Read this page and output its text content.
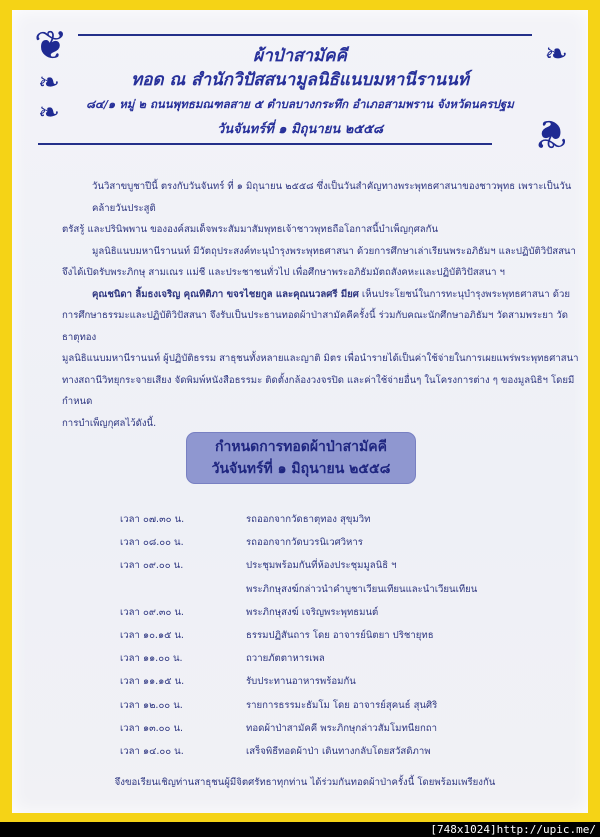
❦
❧❧
❧
❦
ผ้าป่าสามัคคี
ทอด ณ สำนักวิปัสสนามูลนิธิแนบมหานีรานนท์
๘๔/๑ หมู่ ๒ ถนนพุทธมณฑลสาย ๕ ตำบลบางกระทึก อำเภอสามพราน จังหวัดนครปฐม
วันจันทร์ที่ ๑ มิถุนายน ๒๕๕๘
วันวิสาขบูชาปีนี้ ตรงกับวันจันทร์ ที่ ๑ มิถุนายน ๒๕๕๘ ซึ่งเป็นวันสำคัญทางพระพุทธศาสนาของชาวพุทธ เพราะเป็นวันคล้ายวันประสูติ
ตรัสรู้ และปรินิพพาน ขององค์สมเด็จพระสัมมาสัมพุทธเจ้าชาวพุทธถือโอกาสนี้บำเพ็ญกุศลกัน
มูลนิธิแนบมหานีรานนท์ มีวัตถุประสงค์ทะนุบำรุงพระพุทธศาสนา ด้วยการศึกษาเล่าเรียนพระอภิธัมฯ และปฏิบัติวิปัสสนา
จึงได้เปิดรับพระภิกษุ สามเณร แม่ชี และประชาชนทั่วไป เพื่อศึกษาพระอภิธัมมัตถสังคหะและปฏิบัติวิปัสสนา ฯ
คุณชนิดา ลิ้มธงเจริญ คุณทิติภา ขจรไชยกูล และคุณนวลศรี มียศ เห็นประโยชน์ในการทะนุบำรุงพระพุทธศาสนา ด้วย
การศึกษาธรรมะและปฏิบัติวิปัสสนา จึงรับเป็นประธานทอดผ้าป่าสามัคคีครั้งนี้ ร่วมกับคณะนักศึกษาอภิธัมฯ วัดสามพระยา วัดธาตุทอง
มูลนิธิแนบมหานีรานนท์ ผู้ปฏิบัติธรรม สาธุชนทั้งหลายและญาติ มิตร เพื่อนำรายได้เป็นค่าใช้จ่ายในการเผยแพร่พระพุทธศาสนา
ทางสถานีวิทยุกระจายเสียง จัดพิมพ์หนังสือธรรมะ ติดตั้งกล้องวงจรปิด และค่าใช้จ่ายอื่นๆ ในโครงการต่าง ๆ ของมูลนิธิฯ โดยมีกำหนด
การบำเพ็ญกุศลไว้ดังนี้.
กำหนดการทอดผ้าป่าสามัคคี
วันจันทร์ที่ ๑ มิถุนายน ๒๕๕๘
เวลา ๐๗.๓๐ น.	รถออกจากวัดธาตุทอง สุขุมวิท
เวลา ๐๘.๐๐ น.	รถออกจากวัดบวรนิเวศวิหาร
เวลา ๐๙.๐๐ น.	ประชุมพร้อมกันที่ห้องประชุมมูลนิธิ ฯ
พระภิกษุสงฆ์กล่าวนำคำบูชาเวียนเทียนและนำเวียนเทียน
เวลา ๐๙.๓๐ น.	พระภิกษุสงฆ์ เจริญพระพุทธมนต์
เวลา ๑๐.๑๕ น.	ธรรมปฏิสันถาร โดย อาจารย์นิตยา ปริชายุทธ
เวลา ๑๑.๐๐ น.	ถวายภัตตาหารเพล
เวลา ๑๑.๑๕ น.	รับประทานอาหารพร้อมกัน
เวลา ๑๒.๐๐ น.	รายการธรรมะธัมโม โดย อาจารย์สุคนธ์ สุนศิริ
เวลา ๑๓.๐๐ น.	ทอดผ้าป่าสามัคคี พระภิกษุกล่าวสัมโมทนียกถา
เวลา ๑๔.๐๐ น.	เสร็จพิธีทอดผ้าป่า เดินทางกลับโดยสวัสดิภาพ
จึงขอเรียนเชิญท่านสาธุชนผู้มีจิตศรัทธาทุกท่าน ได้ร่วมกันทอดผ้าป่าครั้งนี้ โดยพร้อมเพรียงกัน
[748x1024]http://upic.me/
